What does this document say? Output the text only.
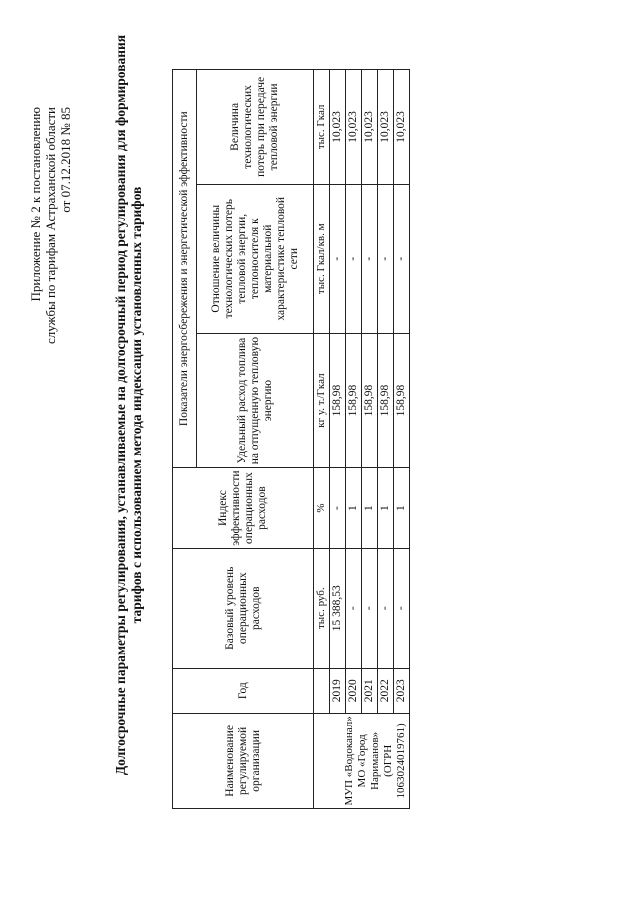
Приложение № 2 к постановлению службы по тарифам Астраханской области от 07.12.2018 № 85	Долгосрочные параметры регулирования, устанавливаемые на долгосрочный период регулирования для формирования тарифов с использованием метода индексации установленных тарифов
Наименование регулируемой организации	Год	Базовый уровень операционных расходов	Индекс эффективности операционных расходов	Показатели энергосбережения и энергетической эффективности		
				Удельный расход топлива на отпущенную тепловую энергию	Отношение величины технологических потерь тепловой энергии, теплоносителя к материальной характеристике тепловой сети	Величина технологических потерь при передаче тепловой энергии
МУП «Водоканал» МО «Город Нариманов» (ОГРН 1063024019761)		тыс. руб.	%	кг у. т./Гкал	тыс. Гкал/кв. м	тыс. Гкал
	2019	15 388,53	-	158,98	-	10,023
	2020	-	1	158,98	-	10,023
	2021	-	1	158,98	-	10,023
	2022	-	1	158,98	-	10,023
	2023	-	1	158,98	-	10,023
